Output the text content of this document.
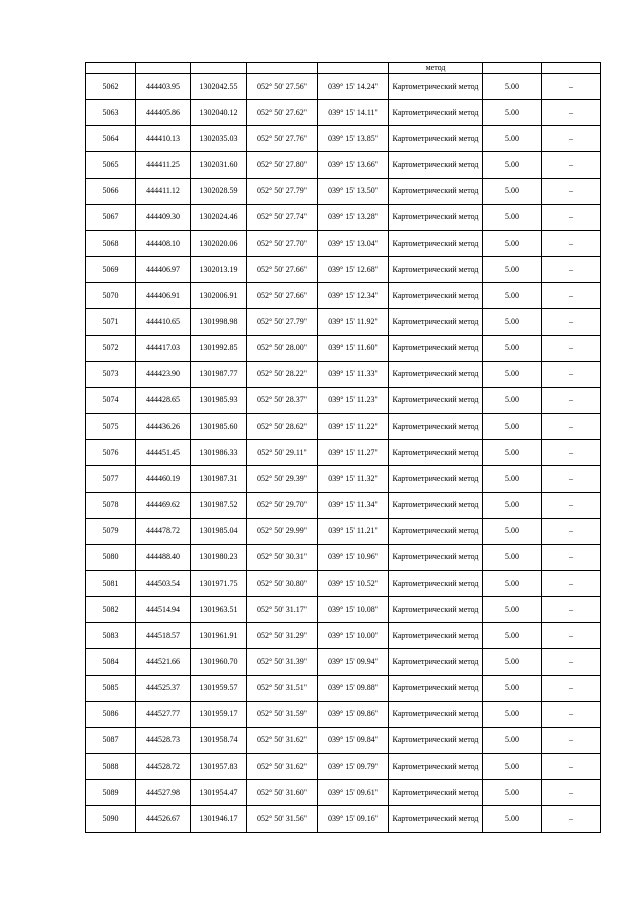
					метод		
5062	444403.95	1302042.55	052° 50' 27.56"	039° 15' 14.24"	Картометрический метод	5.00	–
5063	444405.86	1302040.12	052° 50' 27.62"	039° 15' 14.11"	Картометрический метод	5.00	–
5064	444410.13	1302035.03	052° 50' 27.76"	039° 15' 13.85"	Картометрический метод	5.00	–
5065	444411.25	1302031.60	052° 50' 27.80"	039° 15' 13.66"	Картометрический метод	5.00	–
5066	444411.12	1302028.59	052° 50' 27.79"	039° 15' 13.50"	Картометрический метод	5.00	–
5067	444409.30	1302024.46	052° 50' 27.74"	039° 15' 13.28"	Картометрический метод	5.00	–
5068	444408.10	1302020.06	052° 50' 27.70"	039° 15' 13.04"	Картометрический метод	5.00	–
5069	444406.97	1302013.19	052° 50' 27.66"	039° 15' 12.68"	Картометрический метод	5.00	–
5070	444406.91	1302006.91	052° 50' 27.66"	039° 15' 12.34"	Картометрический метод	5.00	–
5071	444410.65	1301998.98	052° 50' 27.79"	039° 15' 11.92"	Картометрический метод	5.00	–
5072	444417.03	1301992.85	052° 50' 28.00"	039° 15' 11.60"	Картометрический метод	5.00	–
5073	444423.90	1301987.77	052° 50' 28.22"	039° 15' 11.33"	Картометрический метод	5.00	–
5074	444428.65	1301985.93	052° 50' 28.37"	039° 15' 11.23"	Картометрический метод	5.00	–
5075	444436.26	1301985.60	052° 50' 28.62"	039° 15' 11.22"	Картометрический метод	5.00	–
5076	444451.45	1301986.33	052° 50' 29.11"	039° 15' 11.27"	Картометрический метод	5.00	–
5077	444460.19	1301987.31	052° 50' 29.39"	039° 15' 11.32"	Картометрический метод	5.00	–
5078	444469.62	1301987.52	052° 50' 29.70"	039° 15' 11.34"	Картометрический метод	5.00	–
5079	444478.72	1301985.04	052° 50' 29.99"	039° 15' 11.21"	Картометрический метод	5.00	–
5080	444488.40	1301980.23	052° 50' 30.31"	039° 15' 10.96"	Картометрический метод	5.00	–
5081	444503.54	1301971.75	052° 50' 30.80"	039° 15' 10.52"	Картометрический метод	5.00	–
5082	444514.94	1301963.51	052° 50' 31.17"	039° 15' 10.08"	Картометрический метод	5.00	–
5083	444518.57	1301961.91	052° 50' 31.29"	039° 15' 10.00"	Картометрический метод	5.00	–
5084	444521.66	1301960.70	052° 50' 31.39"	039° 15' 09.94"	Картометрический метод	5.00	–
5085	444525.37	1301959.57	052° 50' 31.51"	039° 15' 09.88"	Картометрический метод	5.00	–
5086	444527.77	1301959.17	052° 50' 31.59"	039° 15' 09.86"	Картометрический метод	5.00	–
5087	444528.73	1301958.74	052° 50' 31.62"	039° 15' 09.84"	Картометрический метод	5.00	–
5088	444528.72	1301957.83	052° 50' 31.62"	039° 15' 09.79"	Картометрический метод	5.00	–
5089	444527.98	1301954.47	052° 50' 31.60"	039° 15' 09.61"	Картометрический метод	5.00	–
5090	444526.67	1301946.17	052° 50' 31.56"	039° 15' 09.16"	Картометрический метод	5.00	–
